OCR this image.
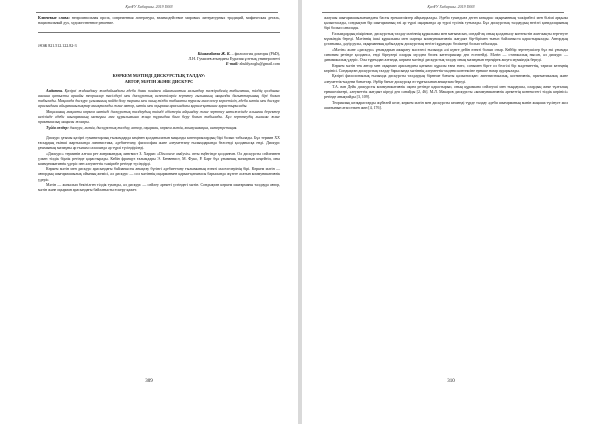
ҚазҰУ Хабаршы. 2019 ISSN

Ключевые слова: непроизвольная проза, современная литература, взаимодействие мировых литературных традиций, мифическая деталь, национальный дух, художественное решение.

ӘОЖ 821.512.122.82-3
Кішкенбаева Ж. К. – филология докторы (PhD),
Л.Н. Гумилев атындағы Еуразия ұлттық университеті
E-mail: zhuldyzoglu@gmail.com
КӨРКЕМ МӘТІНДІ ДИСКУРСТЫҚ ТАЛДАУ:
АВТОР, МӘТІН ЖӘНЕ ДИСКУРС

Андатпа. Қазіргі жаһандану жағдайындағы әдеби дами пәнімен айналысатын ғалымдар тәжірибенің табиғатын, тілдің қолданыс аясына қатысты арнайы теориялар тәсілдері мен дискурстық аспектілерін зерттеу ғылымның маңызды бағыттарының бірі болып табылады. Мақалада дискурс ұғымының пайда болу тарихы мен оның тілдік табиғаты туралы мәселелер көрсетіліп, әдеби мәтін мен дискурс арасындағы айырмашылықтар анықталады және автор, мәтін мен оқырман арасындағы қарым-қатынас қарастырылады.

Мақаланың мақсаты көркем мәтінді дискурстық талдаудың тиімді әдістерін айқындау және зерттеу нәтижесінде алынған деректер негізінде әдеби шығарманың мазмұны мен құрылымына жаңа тұрғыдан баға беру болып табылады. Бұл зерттеудің ғылыми және практикалық маңызы жоғары.

Түйін сөздер: дискурс, мәтін, дискурстық талдау, автор, оқырман, көркем мәтін, коммуникация, интерпретация.

Дискурс ұғымы қазіргі гуманитарлық ғылымдарда кеңінен қолданылатын маңызды категориялардың бірі болып табылады. Бұл термин ХХ ғасырдың екінші жартысында лингвистика, әдебиеттану, философия және әлеуметтану ғылымдарында белсенді қолданысқа енді. Дискурс ұғымының мазмұны әр ғылым саласында әр түрлі түсіндіріледі.

«Дискурс» терминін алғаш рет американдық лингвист З. Харрис «Discourse analysis» атты еңбегінде қолданған. Ол дискурсты сөйлемнен үлкен тілдік бірлік ретінде қарастырады. Кейін француз ғалымдары Э. Бенвенист, М. Фуко, Р. Барт бұл ұғымның мазмұнын кеңейтіп, оны коммуникативтік үдеріс пен әлеуметтік тәжірибе ретінде түсіндірді.

Көркем мәтін мен дискурс арасындағы байланысты анықтау бүгінгі әдебиеттану ғылымының өзекті мәселелерінің бірі. Көркем мәтін — автордың шығармашылық ойының жемісі, ал дискурс — сол мәтіннің оқырманмен қарым-қатынасы барысында жүзеге асатын коммуникативтік үдеріс.

Мәтін — жазылып бекітілген тілдік туынды, ал дискурс — сөйлеу әрекеті үстіндегі мәтін. Сондықтан көркем шығарманы талдауда автор, мәтін және оқырман арасындағы байланысты ескеру қажет.

309
ҚазҰУ Хабаршы. 2019 ISSN

жазушы шығармашылығындағы басты ерекшеліктер айқындалады. Әдеби туындыға деген көзқарас оқырманның тәжірибесі мен білімі арқылы қалыптасады, сондықтан бір шығарманың өзі әр түрлі оқырманда әр түрлі түсінік туғызады. Бұл дискурстық талдаудың негізгі қағидаларының бірі болып саналады.

Ғалымдардың пікірінше, дискурстық талдау мәтіннің құрылымы мен мағынасын, сондай-ақ оның қолданылу контекстін жан-жақты зерттеуге мүмкіндік береді. Мәтіннің ішкі құрылымы мен сыртқы коммуникативтік жағдаят бір-бірімен тығыз байланыста қарастырылады. Автордың ұстанымы, дәуір рухы, оқырманның қабылдауы дискурстың негізгі құрамдас бөліктері болып табылады.

«Мәтін» және «дискурс» ұғымдарын ажырату мәселесі ғылымда әлі күнге дейін өзекті болып отыр. Кейбір зерттеушілер бұл екі ұғымды синоним ретінде қолданса, енді біреулері оларды мүлдем бөлек категориялар деп есептейді. Мәтін — статикалық нысан, ал дискурс — динамикалық үдеріс. Осы тұрғыдан алғанда, көркем мәтінді дискурстық талдау оның мазмұнын тереңірек ашуға мүмкіндік береді.

Көркем мәтін тек автор мен оқырман арасындағы қатынас құралы ғана емес, сонымен бірге ол белгілі бір мәдениеттің, тарихи кезеңнің көрінісі. Сондықтан дискурстық талдау барысында мәтіннің әлеуметтік-мәдени контексіне ерекше назар аударылады.

Қазіргі филологиялық ғылымда дискурсты талдаудың бірнеше бағыты қалыптасқан: лингвистикалық, когнитивтік, прагматикалық және әлеуметтік-мәдени бағыттар. Әрбір бағыт дискурсқа өз тұрғысынан анықтама береді.

Т.А. ван Дейк дискурсты коммуникативтік оқиға ретінде қарастырып, оның құрамына сөйлеуші мен тыңдаушы, олардың жеке тұлғалық ерекшеліктері, әлеуметтік жағдаят кіреді деп санайды [2, 46]. М.Л. Макаров дискурсты «коммуникативтік әрекеттің контекстегі тілдік көрінісі» ретінде анықтайды [3, 109].

Теориялық көзқарастарды жүйелей келе, көркем мәтін мен дискурсты кешенді түрде талдау әдеби шығарманың мәнін жаңаша түсінуге жол ашатынын атап өткен жөн [4, 176].

310
